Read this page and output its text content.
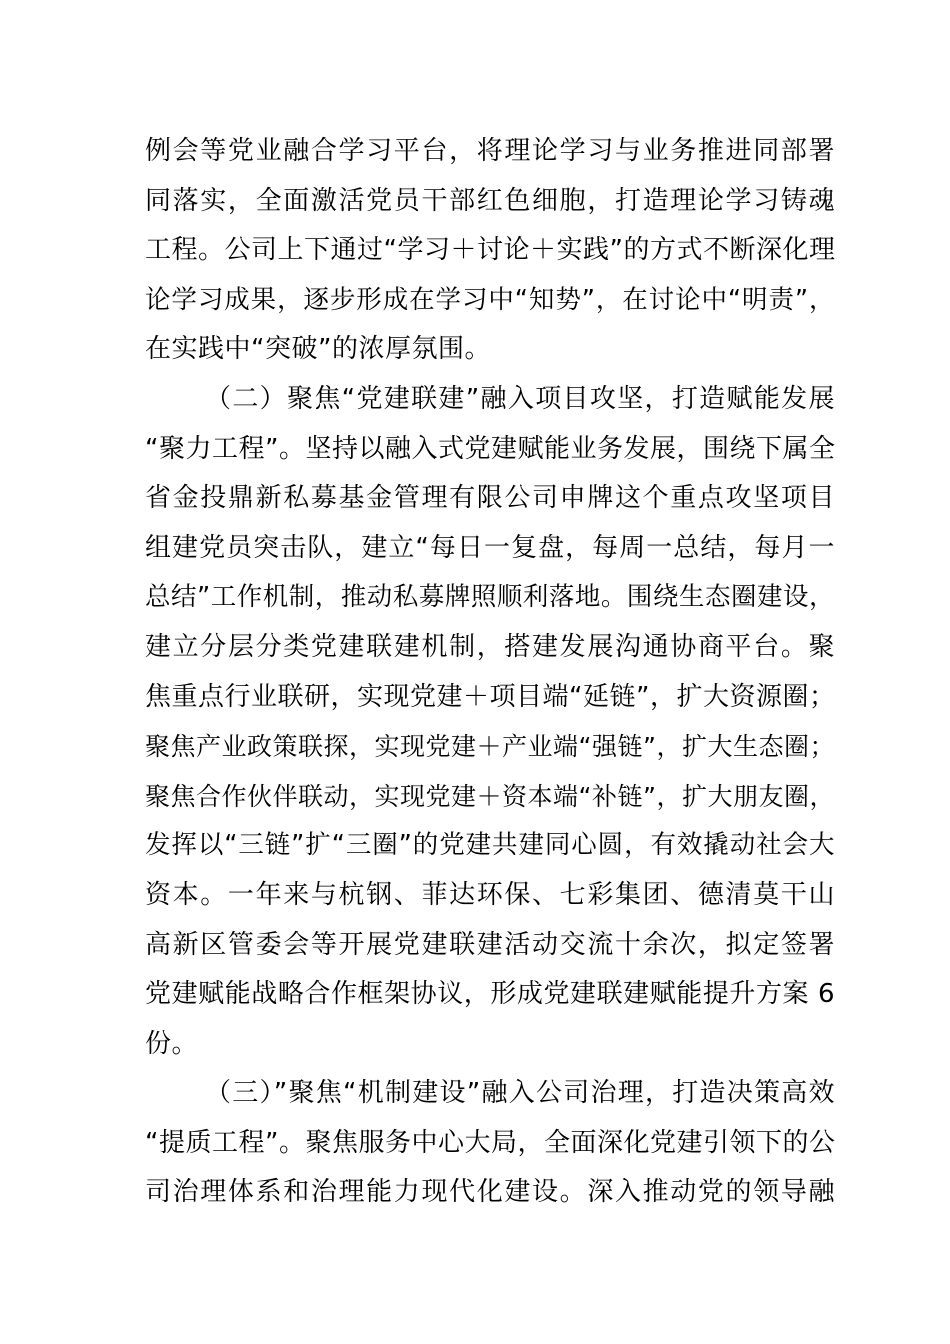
例会等党业融合学习平台，将理论学习与业务推进同部署
同落实，全面激活党员干部红色细胞，打造理论学习铸魂
工程。公司上下通过“学习＋讨论＋实践”的方式不断深化理
论学习成果，逐步形成在学习中“知势”，在讨论中“明责”，
在实践中“突破”的浓厚氛围。
（二）聚焦“党建联建”融入项目攻坚，打造赋能发展
“聚力工程”。坚持以融入式党建赋能业务发展，围绕下属全
省金投鼎新私募基金管理有限公司申牌这个重点攻坚项目
组建党员突击队，建立“每日一复盘，每周一总结，每月一
总结”工作机制，推动私募牌照顺利落地。围绕生态圈建设，
建立分层分类党建联建机制，搭建发展沟通协商平台。聚
焦重点行业联研，实现党建＋项目端“延链”，扩大资源圈；
聚焦产业政策联探，实现党建＋产业端“强链”，扩大生态圈；
聚焦合作伙伴联动，实现党建＋资本端“补链”，扩大朋友圈，
发挥以“三链”扩“三圈”的党建共建同心圆，有效撬动社会大
资本。一年来与杭钢、菲达环保、七彩集团、德清莫干山
高新区管委会等开展党建联建活动交流十余次，拟定签署
党建赋能战略合作框架协议，形成党建联建赋能提升方案 6
份。
（三）”聚焦“机制建设”融入公司治理，打造决策高效
“提质工程”。聚焦服务中心大局，全面深化党建引领下的公
司治理体系和治理能力现代化建设。深入推动党的领导融
